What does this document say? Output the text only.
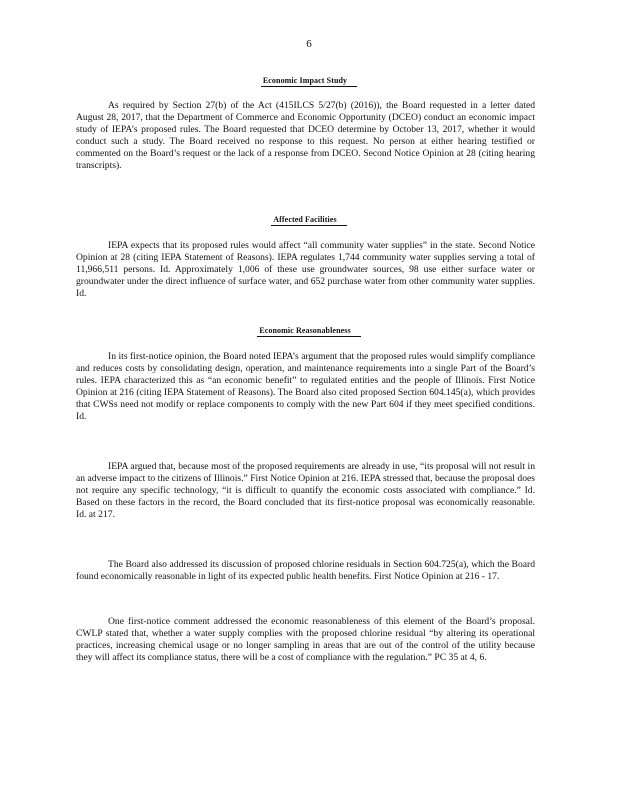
6
Economic Impact Study

As required by Section 27(b) of the Act (415ILCS 5/27(b) (2016)), the Board requested in a letter dated August 28, 2017, that the Department of Commerce and Economic Opportunity (DCEO) conduct an economic impact study of IEPA’s proposed rules. The Board requested that DCEO determine by October 13, 2017, whether it would conduct such a study. The Board received no response to this request. No person at either hearing testified or commented on the Board’s request or the lack of a response from DCEO. Second Notice Opinion at 28 (citing hearing transcripts).

Affected Facilities

IEPA expects that its proposed rules would affect “all community water supplies” in the state. Second Notice Opinion at 28 (citing IEPA Statement of Reasons). IEPA regulates 1,744 community water supplies serving a total of 11,966,511 persons. Id. Approximately 1,006 of these use groundwater sources, 98 use either surface water or groundwater under the direct influence of surface water, and 652 purchase water from other community water supplies. Id.

Economic Reasonableness

In its first-notice opinion, the Board noted IEPA’s argument that the proposed rules would simplify compliance and reduces costs by consolidating design, operation, and maintenance requirements into a single Part of the Board’s rules. IEPA characterized this as “an economic benefit” to regulated entities and the people of Illinois. First Notice Opinion at 216 (citing IEPA Statement of Reasons). The Board also cited proposed Section 604.145(a), which provides that CWSs need not modify or replace components to comply with the new Part 604 if they meet specified conditions. Id.

IEPA argued that, because most of the proposed requirements are already in use, “its proposal will not result in an adverse impact to the citizens of Illinois.” First Notice Opinion at 216. IEPA stressed that, because the proposal does not require any specific technology, “it is difficult to quantify the economic costs associated with compliance.” Id. Based on these factors in the record, the Board concluded that its first-notice proposal was economically reasonable. Id. at 217.

The Board also addressed its discussion of proposed chlorine residuals in Section 604.725(a), which the Board found economically reasonable in light of its expected public health benefits. First Notice Opinion at 216 - 17.

One first-notice comment addressed the economic reasonableness of this element of the Board’s proposal. CWLP stated that, whether a water supply complies with the proposed chlorine residual “by altering its operational practices, increasing chemical usage or no longer sampling in areas that are out of the control of the utility because they will affect its compliance status, there will be a cost of compliance with the regulation.” PC 35 at 4, 6.
